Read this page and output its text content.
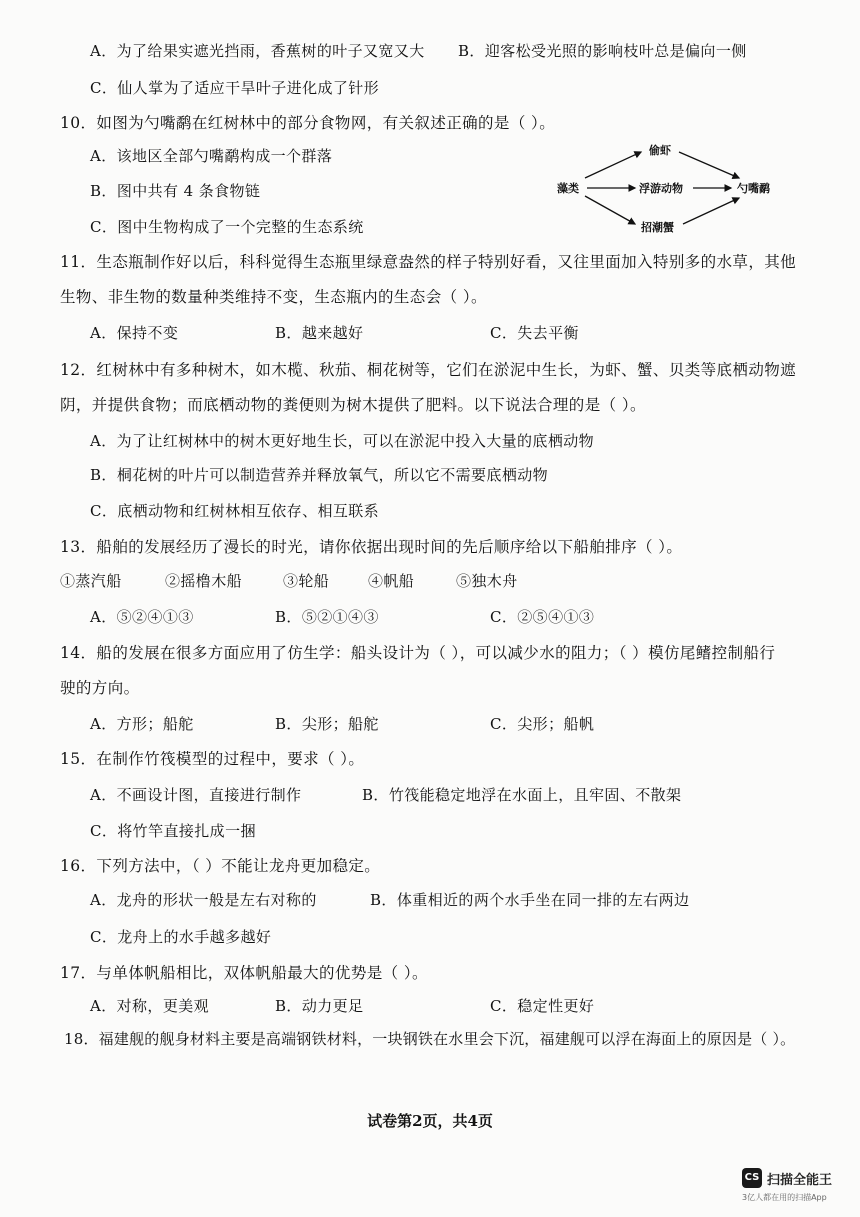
A．为了给果实遮光挡雨，香蕉树的叶子又宽又大 B．迎客松受光照的影响枝叶总是偏向一侧
C．仙人掌为了适应干旱叶子进化成了针形
10．如图为勺嘴鹬在红树林中的部分食物网，有关叙述正确的是（ ）。
A．该地区全部勺嘴鹬构成一个群落
B．图中共有 4 条食物链
C．图中生物构成了一个完整的生态系统
藻类
偷虾
浮游动物
招潮蟹
勺嘴鹬
11．生态瓶制作好以后，科科觉得生态瓶里绿意盎然的样子特别好看，又往里面加入特别多的水草，其他
生物、非生物的数量种类维持不变，生态瓶内的生态会（ ）。
A．保持不变	B．越来越好	C．失去平衡
12．红树林中有多种树木，如木榄、秋茄、桐花树等，它们在淤泥中生长，为虾、蟹、贝类等底栖动物遮
阴，并提供食物；而底栖动物的粪便则为树木提供了肥料。以下说法合理的是（ ）。
A．为了让红树林中的树木更好地生长，可以在淤泥中投入大量的底栖动物
B．桐花树的叶片可以制造营养并释放氧气，所以它不需要底栖动物
C．底栖动物和红树林相互依存、相互联系
13．船舶的发展经历了漫长的时光，请你依据出现时间的先后顺序给以下船舶排序（ ）。
①蒸汽船	②摇橹木船	③轮船	④帆船	⑤独木舟
A．⑤②④①③	B．⑤②①④③	C．②⑤④①③
14．船的发展在很多方面应用了仿生学：船头设计为（ ），可以减少水的阻力；（ ）模仿尾鳍控制船行
驶的方向。
A．方形；船舵	B．尖形；船舵	C．尖形；船帆
15．在制作竹筏模型的过程中，要求（ ）。
A．不画设计图，直接进行制作	B．竹筏能稳定地浮在水面上，且牢固、不散架
C．将竹竿直接扎成一捆
16．下列方法中，（ ）不能让龙舟更加稳定。
A．龙舟的形状一般是左右对称的	B．体重相近的两个水手坐在同一排的左右两边
C．龙舟上的水手越多越好
17．与单体帆船相比，双体帆船最大的优势是（ ）。
A．对称，更美观	B．动力更足	C．稳定性更好
18．福建舰的舰身材料主要是高端钢铁材料，一块钢铁在水里会下沉，福建舰可以浮在海面上的原因是（ ）。
试卷第2页，共4页
CS 扫描全能王
3亿人都在用的扫描App
